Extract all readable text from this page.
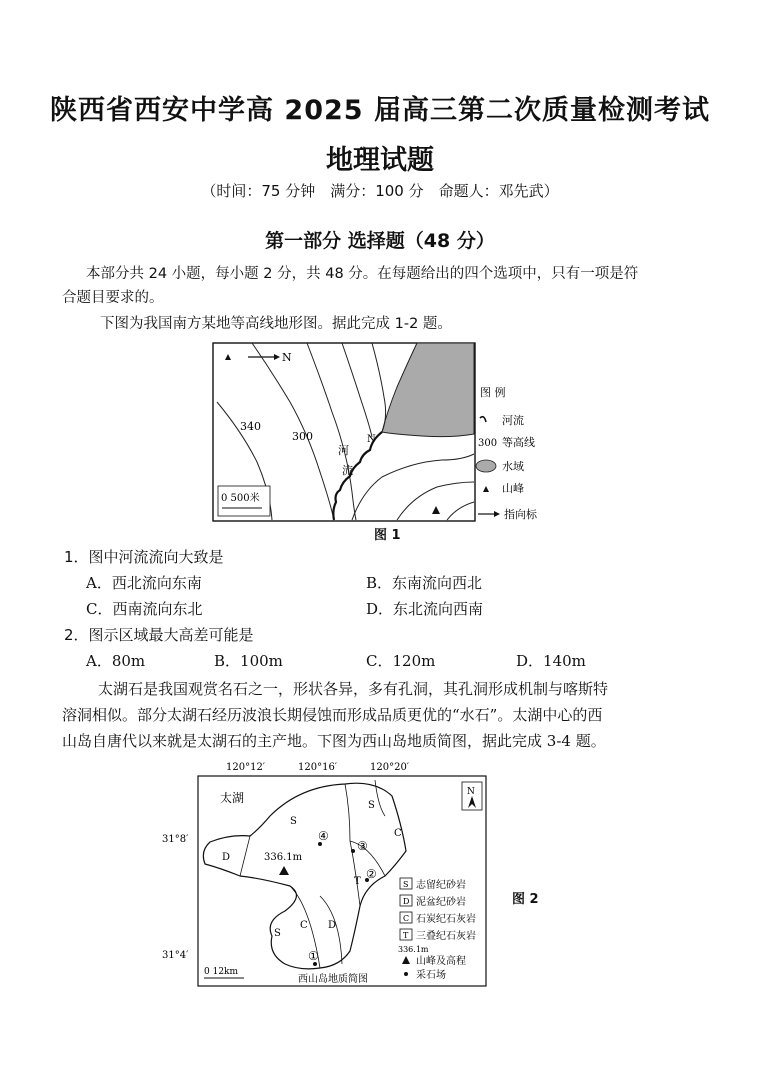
陕西省西安中学高 2025 届高三第二次质量检测考试
地理试题
（时间：75 分钟　满分：100 分　命题人：邓先武）
第一部分 选择题（48 分）
本部分共 24 小题，每小题 2 分，共 48 分。在每题给出的四个选项中，只有一项是符
合题目要求的。
下图为我国南方某地等高线地形图。据此完成 1-2 题。
340
300
河
流
N
N
0 500米
图 例
河流
300 等高线
水域
山峰
指向标
图 1
1．图中河流流向大致是
A．西北流向东南	B．东南流向西北
C．西南流向东北	D．东北流向西南
2．图示区域最大高差可能是
A．80m	B．100m	C．120m	D．140m
太湖石是我国观赏名石之一，形状各异，多有孔洞，其孔洞形成机制与喀斯特
溶洞相似。部分太湖石经历波浪长期侵蚀而形成品质更优的“水石”。太湖中心的西
山岛自唐代以来就是太湖石的主产地。下图为西山岛地质简图，据此完成 3-4 题。
120°12′	120°16′	120°20′
31°8′
31°4′
S
D
C
T
S
D
C
S
太湖	N
336.1m
④
③
②
①
0 12km
西山岛地质简图
S 志留纪砂岩
D 泥盆纪砂岩
C 石炭纪石灰岩
T 三叠纪石灰岩
336.1m
山峰及高程
采石场
图 2
